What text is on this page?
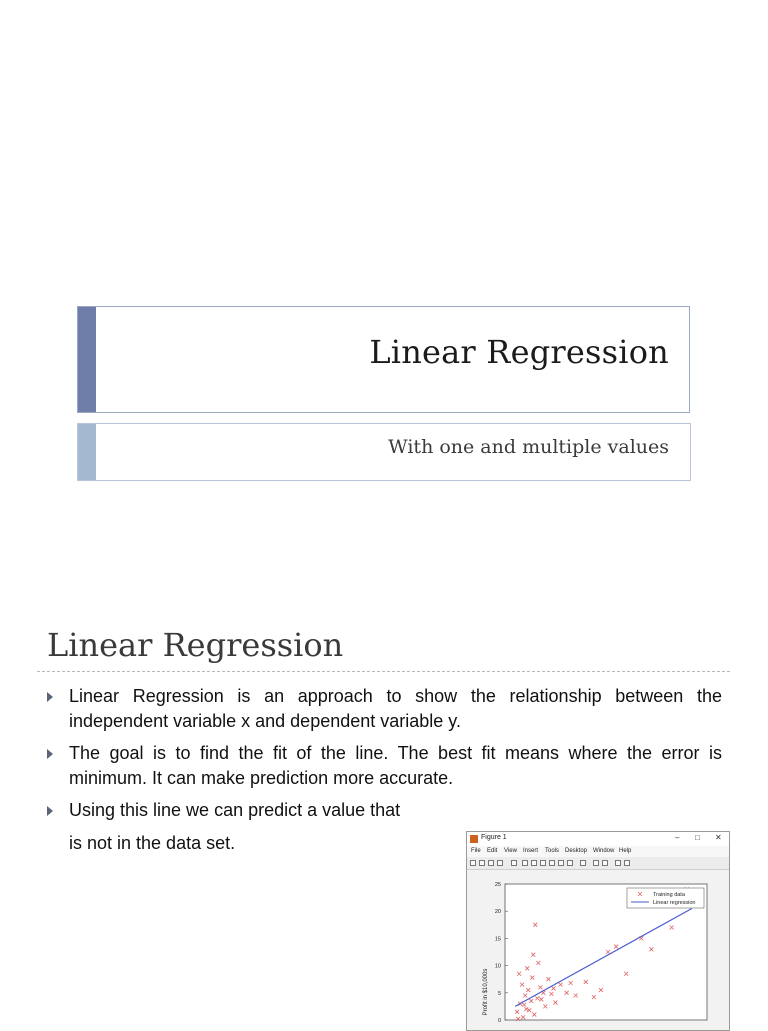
Linear Regression
With one and multiple values
Linear Regression
Linear Regression is an approach to show the relationship between the independent variable x and dependent variable y.
The goal is to find the fit of the line. The best fit means where the error is minimum. It can make prediction more accurate.
Using this line we can predict a value that
is not in the data set.	Figure 1	– □ ✕
File Edit View Insert Tools Desktop Window Help
25
20
15
10
5
0
Profit in $10,000s
Training data
Linear regression
